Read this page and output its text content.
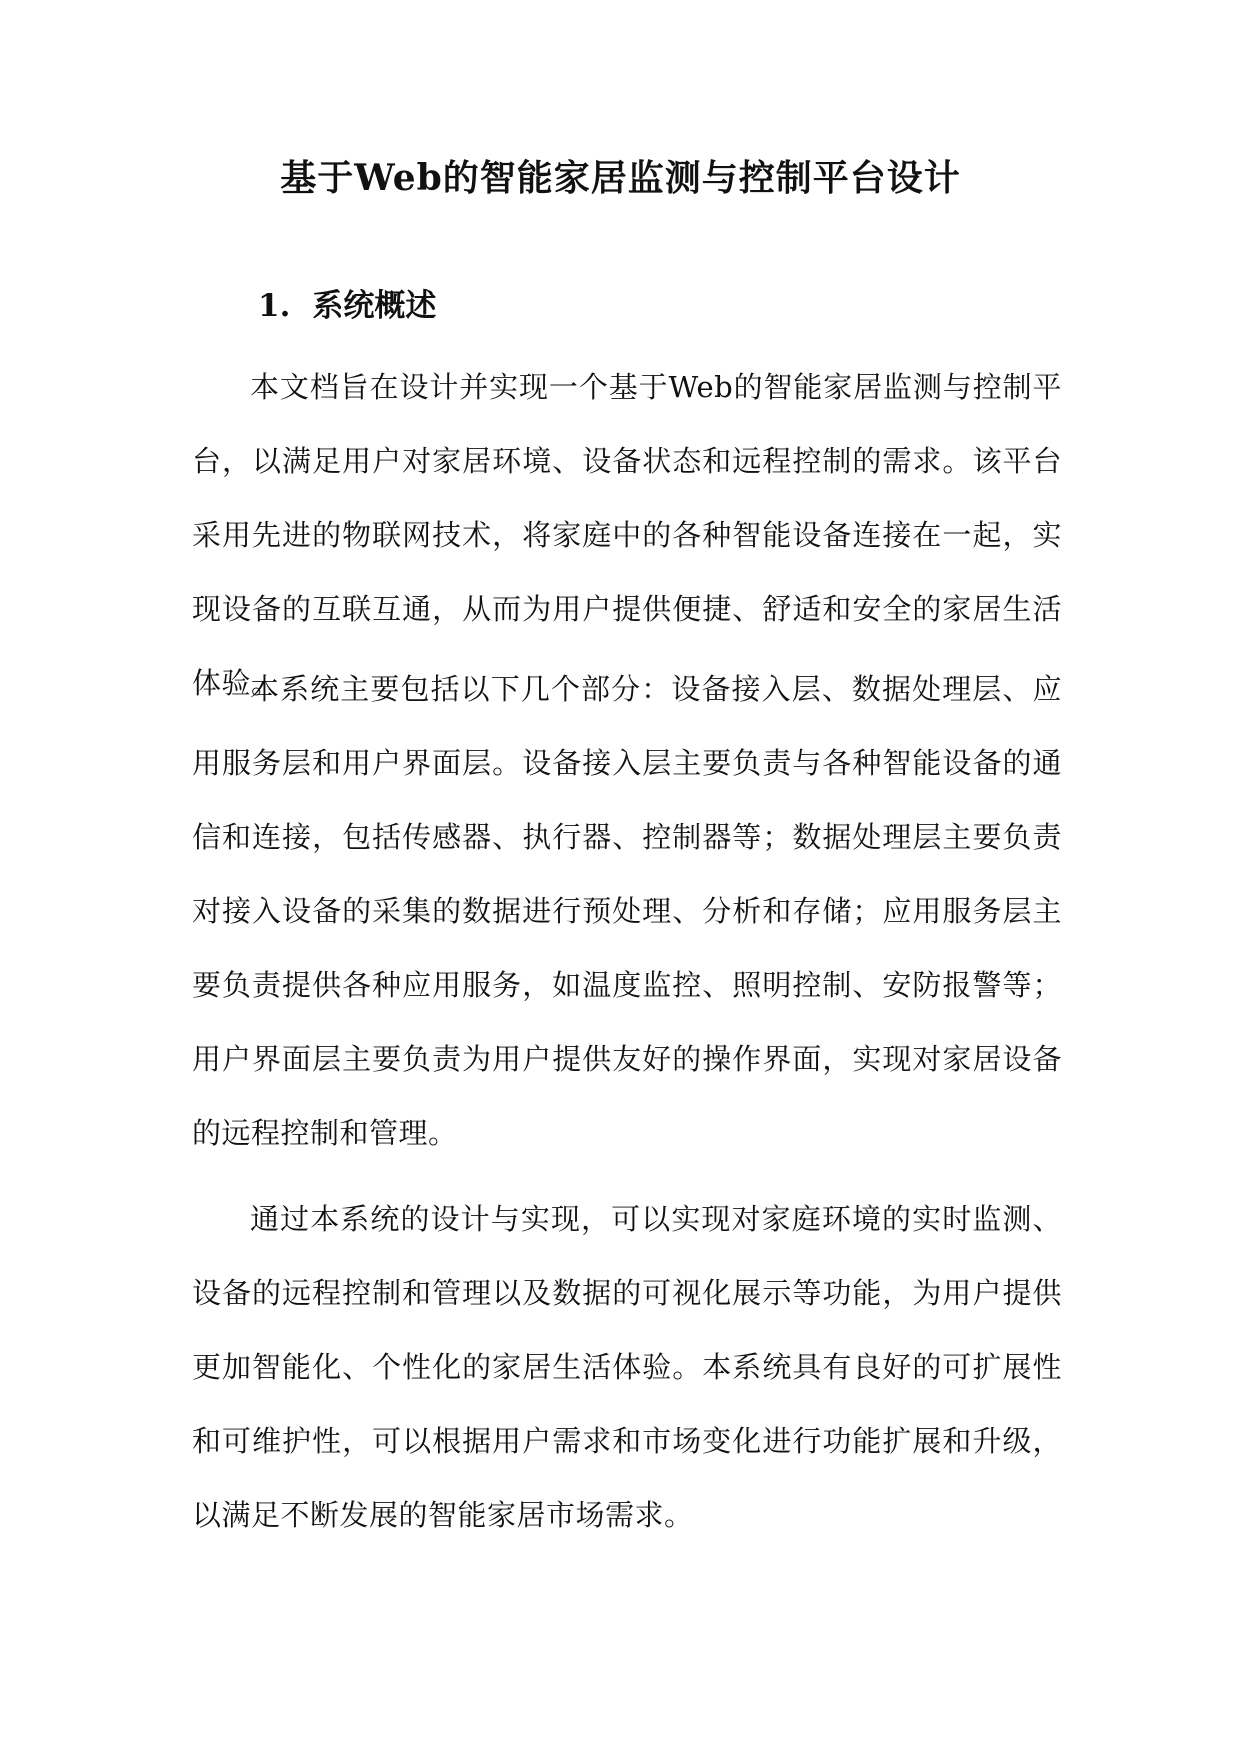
基于Web的智能家居监测与控制平台设计
1. 系统概述

本文档旨在设计并实现一个基于Web的智能家居监测与控制平台，以满足用户对家居环境、设备状态和远程控制的需求。该平台采用先进的物联网技术，将家庭中的各种智能设备连接在一起，实现设备的互联互通，从而为用户提供便捷、舒适和安全的家居生活体验。

本系统主要包括以下几个部分：设备接入层、数据处理层、应用服务层和用户界面层。设备接入层主要负责与各种智能设备的通信和连接，包括传感器、执行器、控制器等；数据处理层主要负责对接入设备的采集的数据进行预处理、分析和存储；应用服务层主要负责提供各种应用服务，如温度监控、照明控制、安防报警等；用户界面层主要负责为用户提供友好的操作界面，实现对家居设备的远程控制和管理。

通过本系统的设计与实现，可以实现对家庭环境的实时监测、设备的远程控制和管理以及数据的可视化展示等功能，为用户提供更加智能化、个性化的家居生活体验。本系统具有良好的可扩展性和可维护性，可以根据用户需求和市场变化进行功能扩展和升级，以满足不断发展的智能家居市场需求。
